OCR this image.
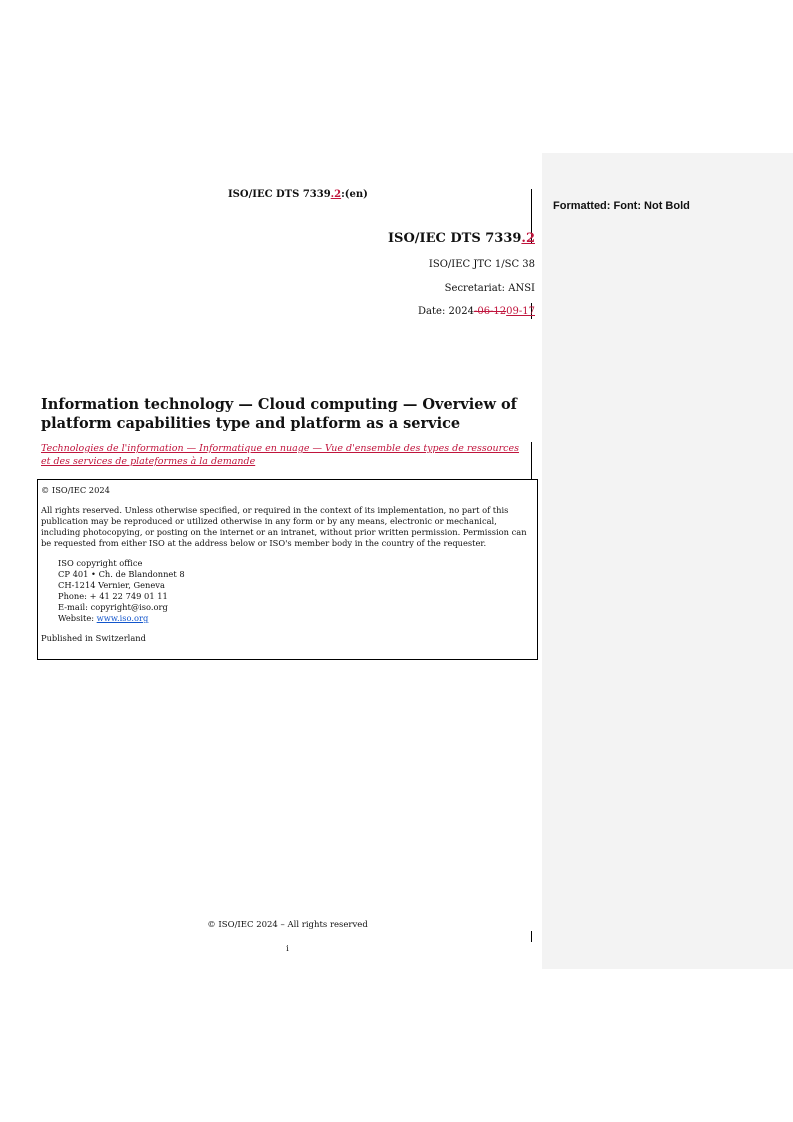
Formatted: Font: Not Bold
ISO/IEC DTS 7339.2:(en)
ISO/IEC DTS 7339.2
ISO/IEC JTC 1/SC 38
Secretariat: ANSI
Date: 2024-06-1209-17
Information technology — Cloud computing — Overview of platform capabilities type and platform as a service
Technologies de l'information — Informatique en nuage — Vue d'ensemble des types de ressources et des services de plateformes à la demande

© ISO/IEC 2024

All rights reserved. Unless otherwise specified, or required in the context of its implementation, no part of this publication may be reproduced or utilized otherwise in any form or by any means, electronic or mechanical, including photocopying, or posting on the internet or an intranet, without prior written permission. Permission can be requested from either ISO at the address below or ISO's member body in the country of the requester.

ISO copyright office
CP 401 • Ch. de Blandonnet 8
CH-1214 Vernier, Geneva
Phone: + 41 22 749 01 11
E-mail: copyright@iso.org
Website: www.iso.org
Published in Switzerland
© ISO/IEC 2024 – All rights reserved
i
